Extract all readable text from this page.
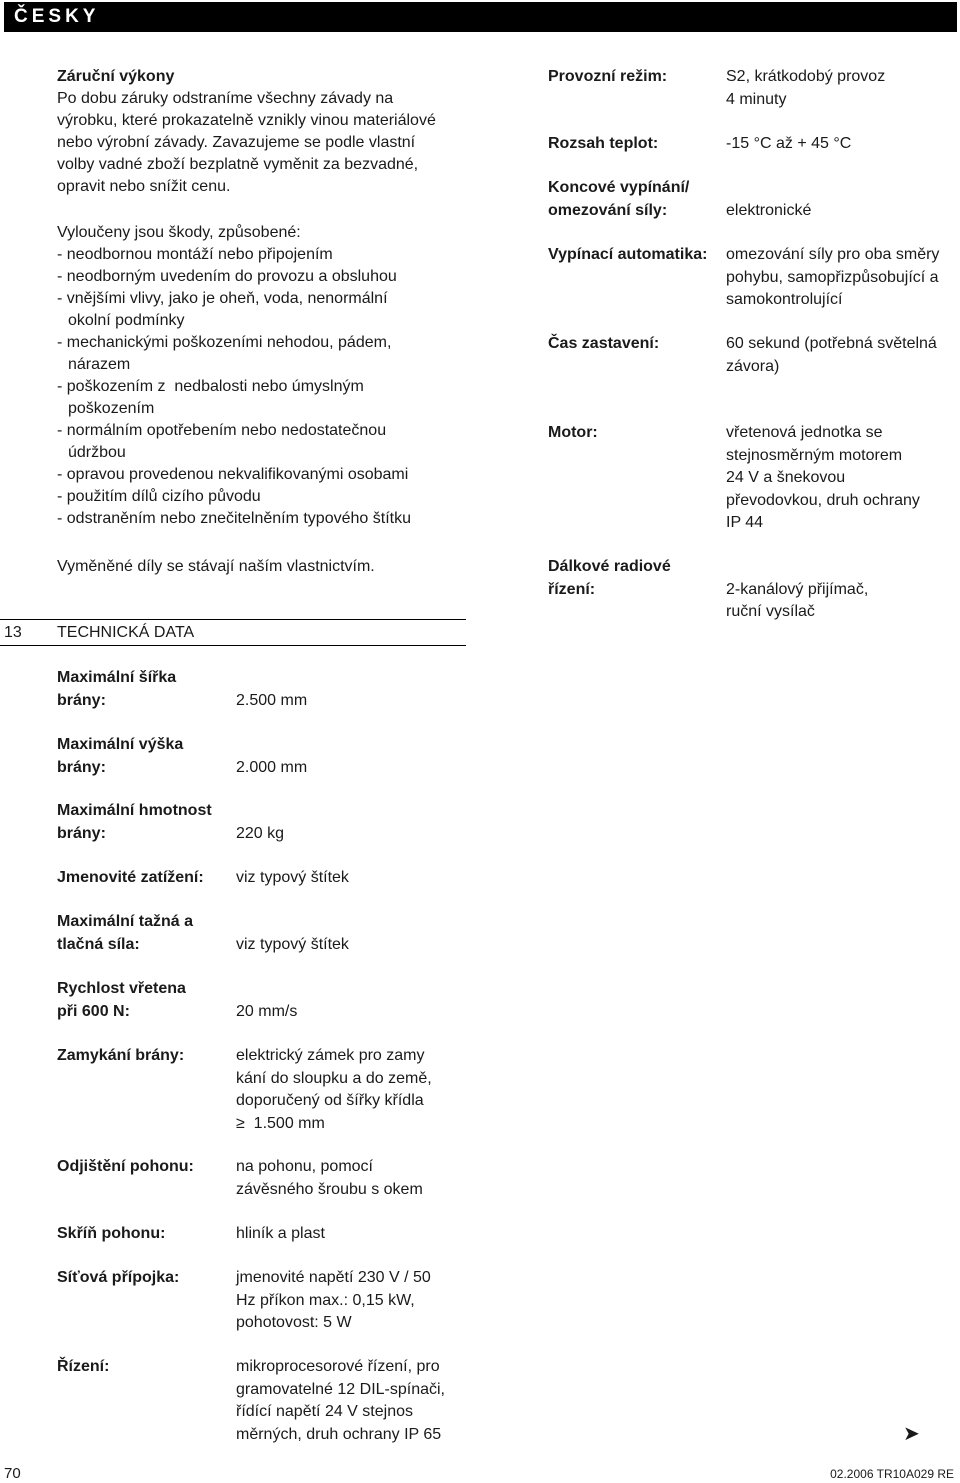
ČESKY
Záruční výkony
Po dobu záruky odstraníme všechny závady na
výrobku, které prokazatelně vznikly vinou materiálové
nebo výrobní závady. Zavazujeme se podle vlastní
volby vadné zboží bezplatně vyměnit za bezvadné,
opravit nebo snížit cenu.
Vyloučeny jsou škody, způsobené:
- neodbornou montáží nebo připojením
- neodborným uvedením do provozu a obsluhou
- vnějšími vlivy, jako je oheň, voda, nenormální
okolní podmínky
- mechanickými poškozeními nehodou, pádem,
nárazem
- poškozením z  nedbalosti nebo úmyslným
poškozením
- normálním opotřebením nebo nedostatečnou
údržbou
- opravou provedenou nekvalifikovanými osobami
- použitím dílů cizího původu
- odstraněním nebo znečitelněním typového štítku
Vyměněné díly se stávají naším vlastnictvím.
13 TECHNICKÁ DATA
Maximální šířka
brány:
	2.500 mm
Maximální výška
brány:
	2.000 mm
Maximální hmotnost
brány:
	220 kg
Jmenovité zatížení:	viz typový štítek
Maximální tažná a
tlačná síla:
	viz typový štítek
Rychlost vřetena
při 600 N:
	20 mm/s
Zamykání brány:	elektrický zámek pro zamy
kání do sloupku a do země,
doporučený od šířky křídla
≥  1.500 mm
Odjištění pohonu:	na pohonu, pomocí
závěsného šroubu s okem
Skříň pohonu:	hliník a plast
Síťová přípojka:	jmenovité napětí 230 V / 50
Hz příkon max.: 0,15 kW,
pohotovost: 5 W
Řízení:	mikroprocesorové řízení, pro
gramovatelné 12 DIL-spínači,
řídící napětí 24 V stejnos
měrných, druh ochrany IP 65
Provozní režim:	S2, krátkodobý provoz
4 minuty
Rozsah teplot:	-15 °C až + 45 °C
Koncové vypínání/
omezování síly:
	elektronické
Vypínací automatika:	omezování síly pro oba směry
pohybu, samopřizpůsobující a
samokontrolující
Čas zastavení:	60 sekund (potřebná světelná
závora)
Motor:	vřetenová jednotka se
stejnosměrným motorem
24 V a šnekovou
převodovkou, druh ochrany
IP 44
Dálkové radiové
řízení:
	2-kanálový přijímač,
ruční vysílač
➤
70	02.2006 TR10A029 RE
